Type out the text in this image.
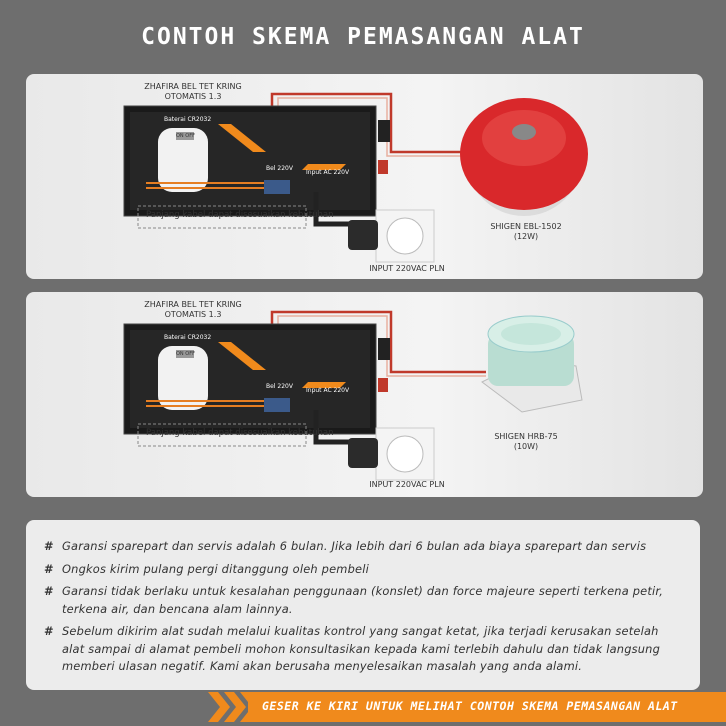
CONTOH SKEMA PEMASANGAN ALAT
ZHAFIRA BEL TET KRING
OTOMATIS 1.3
Baterai CR2032
ON OFF
Bel 220V
Input AC 220V
Panjang kabel dapat disesuaikan kebutuhan
INPUT 220VAC PLN
SHIGEN EBL-1502
(12W)
ZHAFIRA BEL TET KRING
OTOMATIS 1.3
Baterai CR2032
ON OFF
Bel 220V
Input AC 220V
Panjang kabel dapat disesuaikan kebutuhan
INPUT 220VAC PLN
SHIGEN HRB-75
(10W)
# Garansi sparepart dan servis adalah 6 bulan. Jika lebih dari 6 bulan ada biaya sparepart dan servis
# Ongkos kirim pulang pergi ditanggung oleh pembeli
# Garansi tidak berlaku untuk kesalahan penggunaan (konslet) dan force majeure seperti terkena petir, terkena air, dan bencana alam lainnya.
# Sebelum dikirim alat sudah melalui kualitas kontrol yang sangat ketat, jika terjadi kerusakan setelah alat sampai di alamat pembeli mohon konsultasikan kepada kami terlebih dahulu dan tidak langsung memberi ulasan negatif. Kami akan berusaha menyelesaikan masalah yang anda alami.
GESER KE KIRI UNTUK MELIHAT CONTOH SKEMA PEMASANGAN ALAT
